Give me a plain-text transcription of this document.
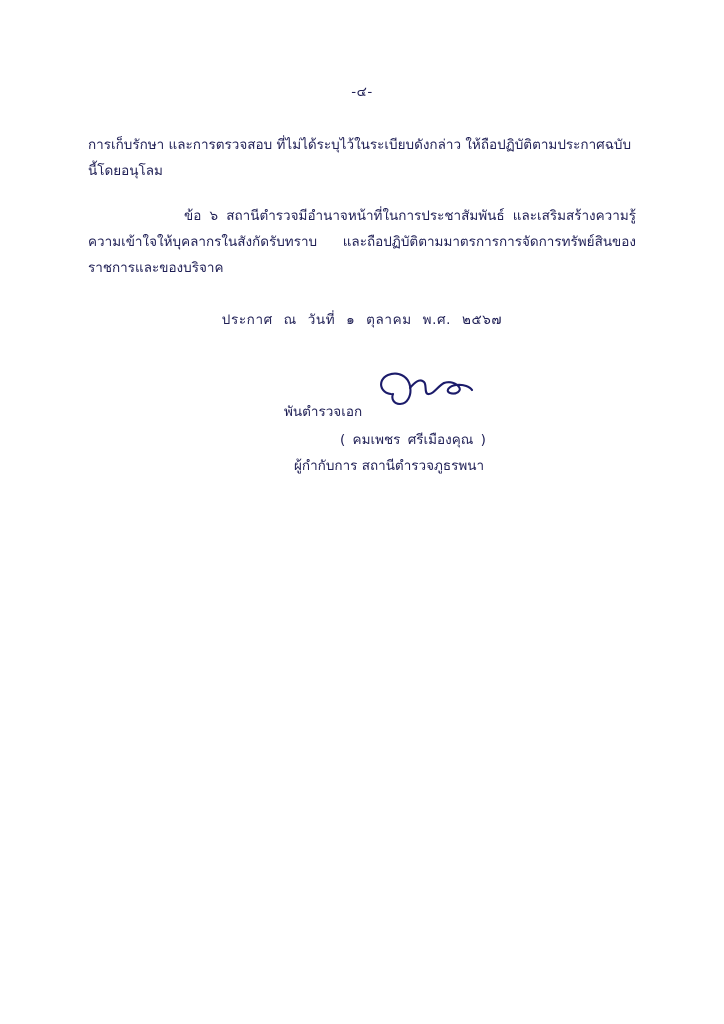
-๔-

การเก็บรักษา และการตรวจสอบ ที่ไม่ได้ระบุไว้ในระเบียบดังกล่าว ให้ถือปฏิบัติตามประกาศฉบับนี้โดยอนุโลม

ข้อ ๖ สถานีตำรวจมีอำนาจหน้าที่ในการประชาสัมพันธ์ และเสริมสร้างความรู้ความเข้าใจให้บุคลากรในสังกัดรับทราบ และถือปฏิบัติตามมาตรการการจัดการทรัพย์สินของราชการและของบริจาค

ประกาศ ณ วันที่ ๑ ตุลาคม พ.ศ. ๒๕๖๗
พันตำรวจเอก
( คมเพชร ศรีเมืองคุณ )
ผู้กำกับการ สถานีตำรวจภูธรพนา
